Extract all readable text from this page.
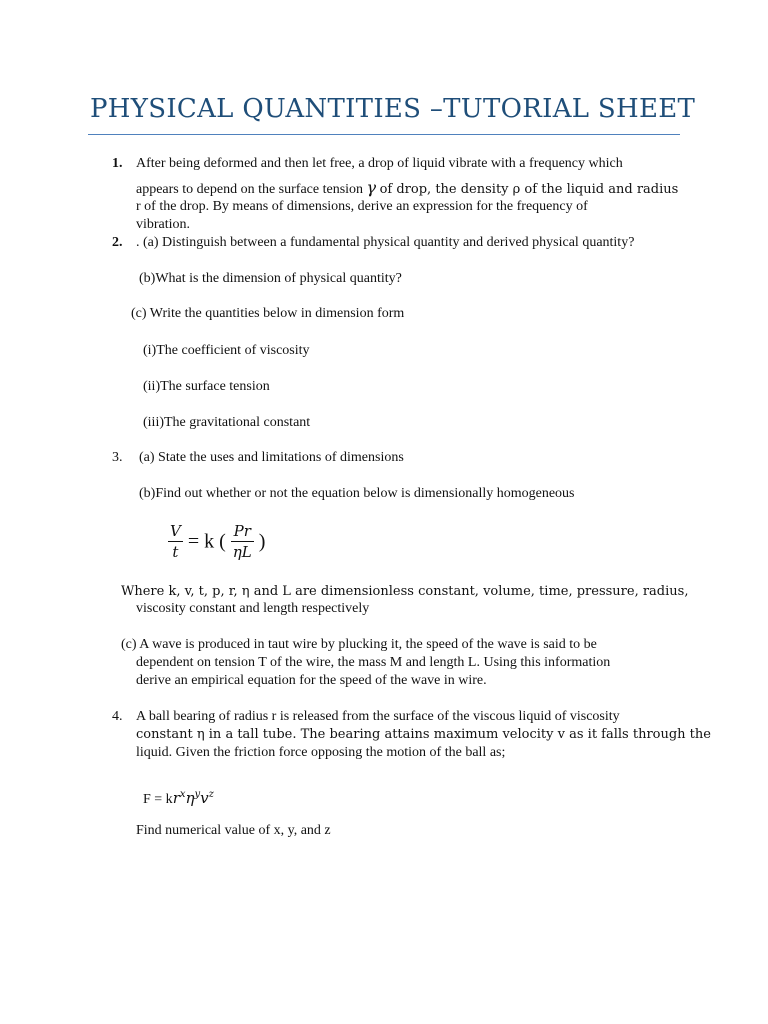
PHYSICAL QUANTITIES –TUTORIAL SHEET
1. After being deformed and then let free, a drop of liquid vibrate with a frequency which
appears to depend on the surface tension γ of drop, the density ρ of the liquid and radius
r of the drop. By means of dimensions, derive an expression for the frequency of
vibration.
2. . (a) Distinguish between a fundamental physical quantity and derived physical quantity?
(b)What is the dimension of physical quantity?
(c) Write the quantities below in dimension form
(i)The coefficient of viscosity
(ii)The surface tension
(iii)The gravitational constant
3. (a) State the uses and limitations of dimensions
(b)Find out whether or not the equation below is dimensionally homogeneous
$\frac{V}{t} = k$ ( $\frac{Pr}{\eta L}$ )
Where k, v, t, p, r, η and L are dimensionless constant, volume, time, pressure, radius,
viscosity constant and length respectively
(c) A wave is produced in taut wire by plucking it, the speed of the wave is said to be
dependent on tension T of the wire, the mass M and length L. Using this information
derive an empirical equation for the speed of the wave in wire.
4. A ball bearing of radius r is released from the surface of the viscous liquid of viscosity
constant η in a tall tube. The bearing attains maximum velocity v as it falls through the
liquid. Given the friction force opposing the motion of the ball as;
$F = kr^x\eta^yv^z$
Find numerical value of x, y, and z
